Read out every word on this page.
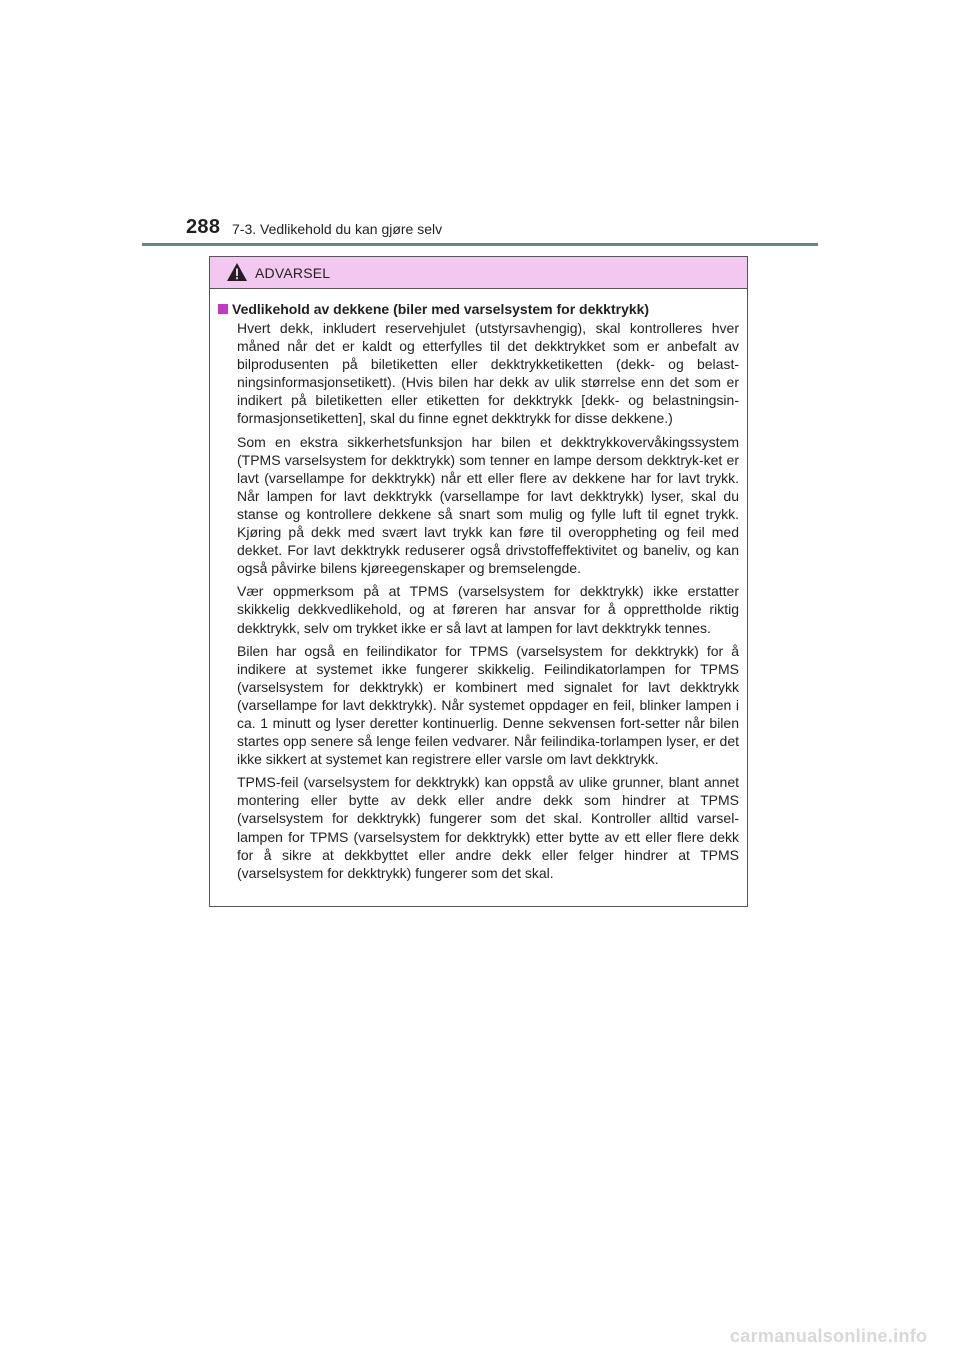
288 7-3. Vedlikehold du kan gjøre selv
ADVARSEL
Vedlikehold av dekkene (biler med varselsystem for dekktrykk)

Hvert dekk, inkludert reservehjulet (utstyrsavhengig), skal kontrolleres hver måned når det er kaldt og etterfylles til det dekktrykket som er anbefalt av bilprodusenten på biletiketten eller dekktrykketiketten (dekk- og belast-ningsinformasjonsetikett). (Hvis bilen har dekk av ulik størrelse enn det som er indikert på biletiketten eller etiketten for dekktrykk [dekk- og belastningsin-formasjonsetiketten], skal du finne egnet dekktrykk for disse dekkene.)

Som en ekstra sikkerhetsfunksjon har bilen et dekktrykkovervåkingssystem (TPMS varselsystem for dekktrykk) som tenner en lampe dersom dekktryk-ket er lavt (varsellampe for dekktrykk) når ett eller flere av dekkene har for lavt trykk. Når lampen for lavt dekktrykk (varsellampe for lavt dekktrykk) lyser, skal du stanse og kontrollere dekkene så snart som mulig og fylle luft til egnet trykk. Kjøring på dekk med svært lavt trykk kan føre til overoppheting og feil med dekket. For lavt dekktrykk reduserer også drivstoffeffektivitet og baneliv, og kan også påvirke bilens kjøreegenskaper og bremselengde.

Vær oppmerksom på at TPMS (varselsystem for dekktrykk) ikke erstatter skikkelig dekkvedlikehold, og at føreren har ansvar for å opprettholde riktig dekktrykk, selv om trykket ikke er så lavt at lampen for lavt dekktrykk tennes.

Bilen har også en feilindikator for TPMS (varselsystem for dekktrykk) for å indikere at systemet ikke fungerer skikkelig. Feilindikatorlampen for TPMS (varselsystem for dekktrykk) er kombinert med signalet for lavt dekktrykk (varsellampe for lavt dekktrykk). Når systemet oppdager en feil, blinker lampen i ca. 1 minutt og lyser deretter kontinuerlig. Denne sekvensen fort-setter når bilen startes opp senere så lenge feilen vedvarer. Når feilindika-torlampen lyser, er det ikke sikkert at systemet kan registrere eller varsle om lavt dekktrykk.

TPMS-feil (varselsystem for dekktrykk) kan oppstå av ulike grunner, blant annet montering eller bytte av dekk eller andre dekk som hindrer at TPMS (varselsystem for dekktrykk) fungerer som det skal. Kontroller alltid varsel-lampen for TPMS (varselsystem for dekktrykk) etter bytte av ett eller flere dekk for å sikre at dekkbyttet eller andre dekk eller felger hindrer at TPMS (varselsystem for dekktrykk) fungerer som det skal.

carmanualsonline.info
